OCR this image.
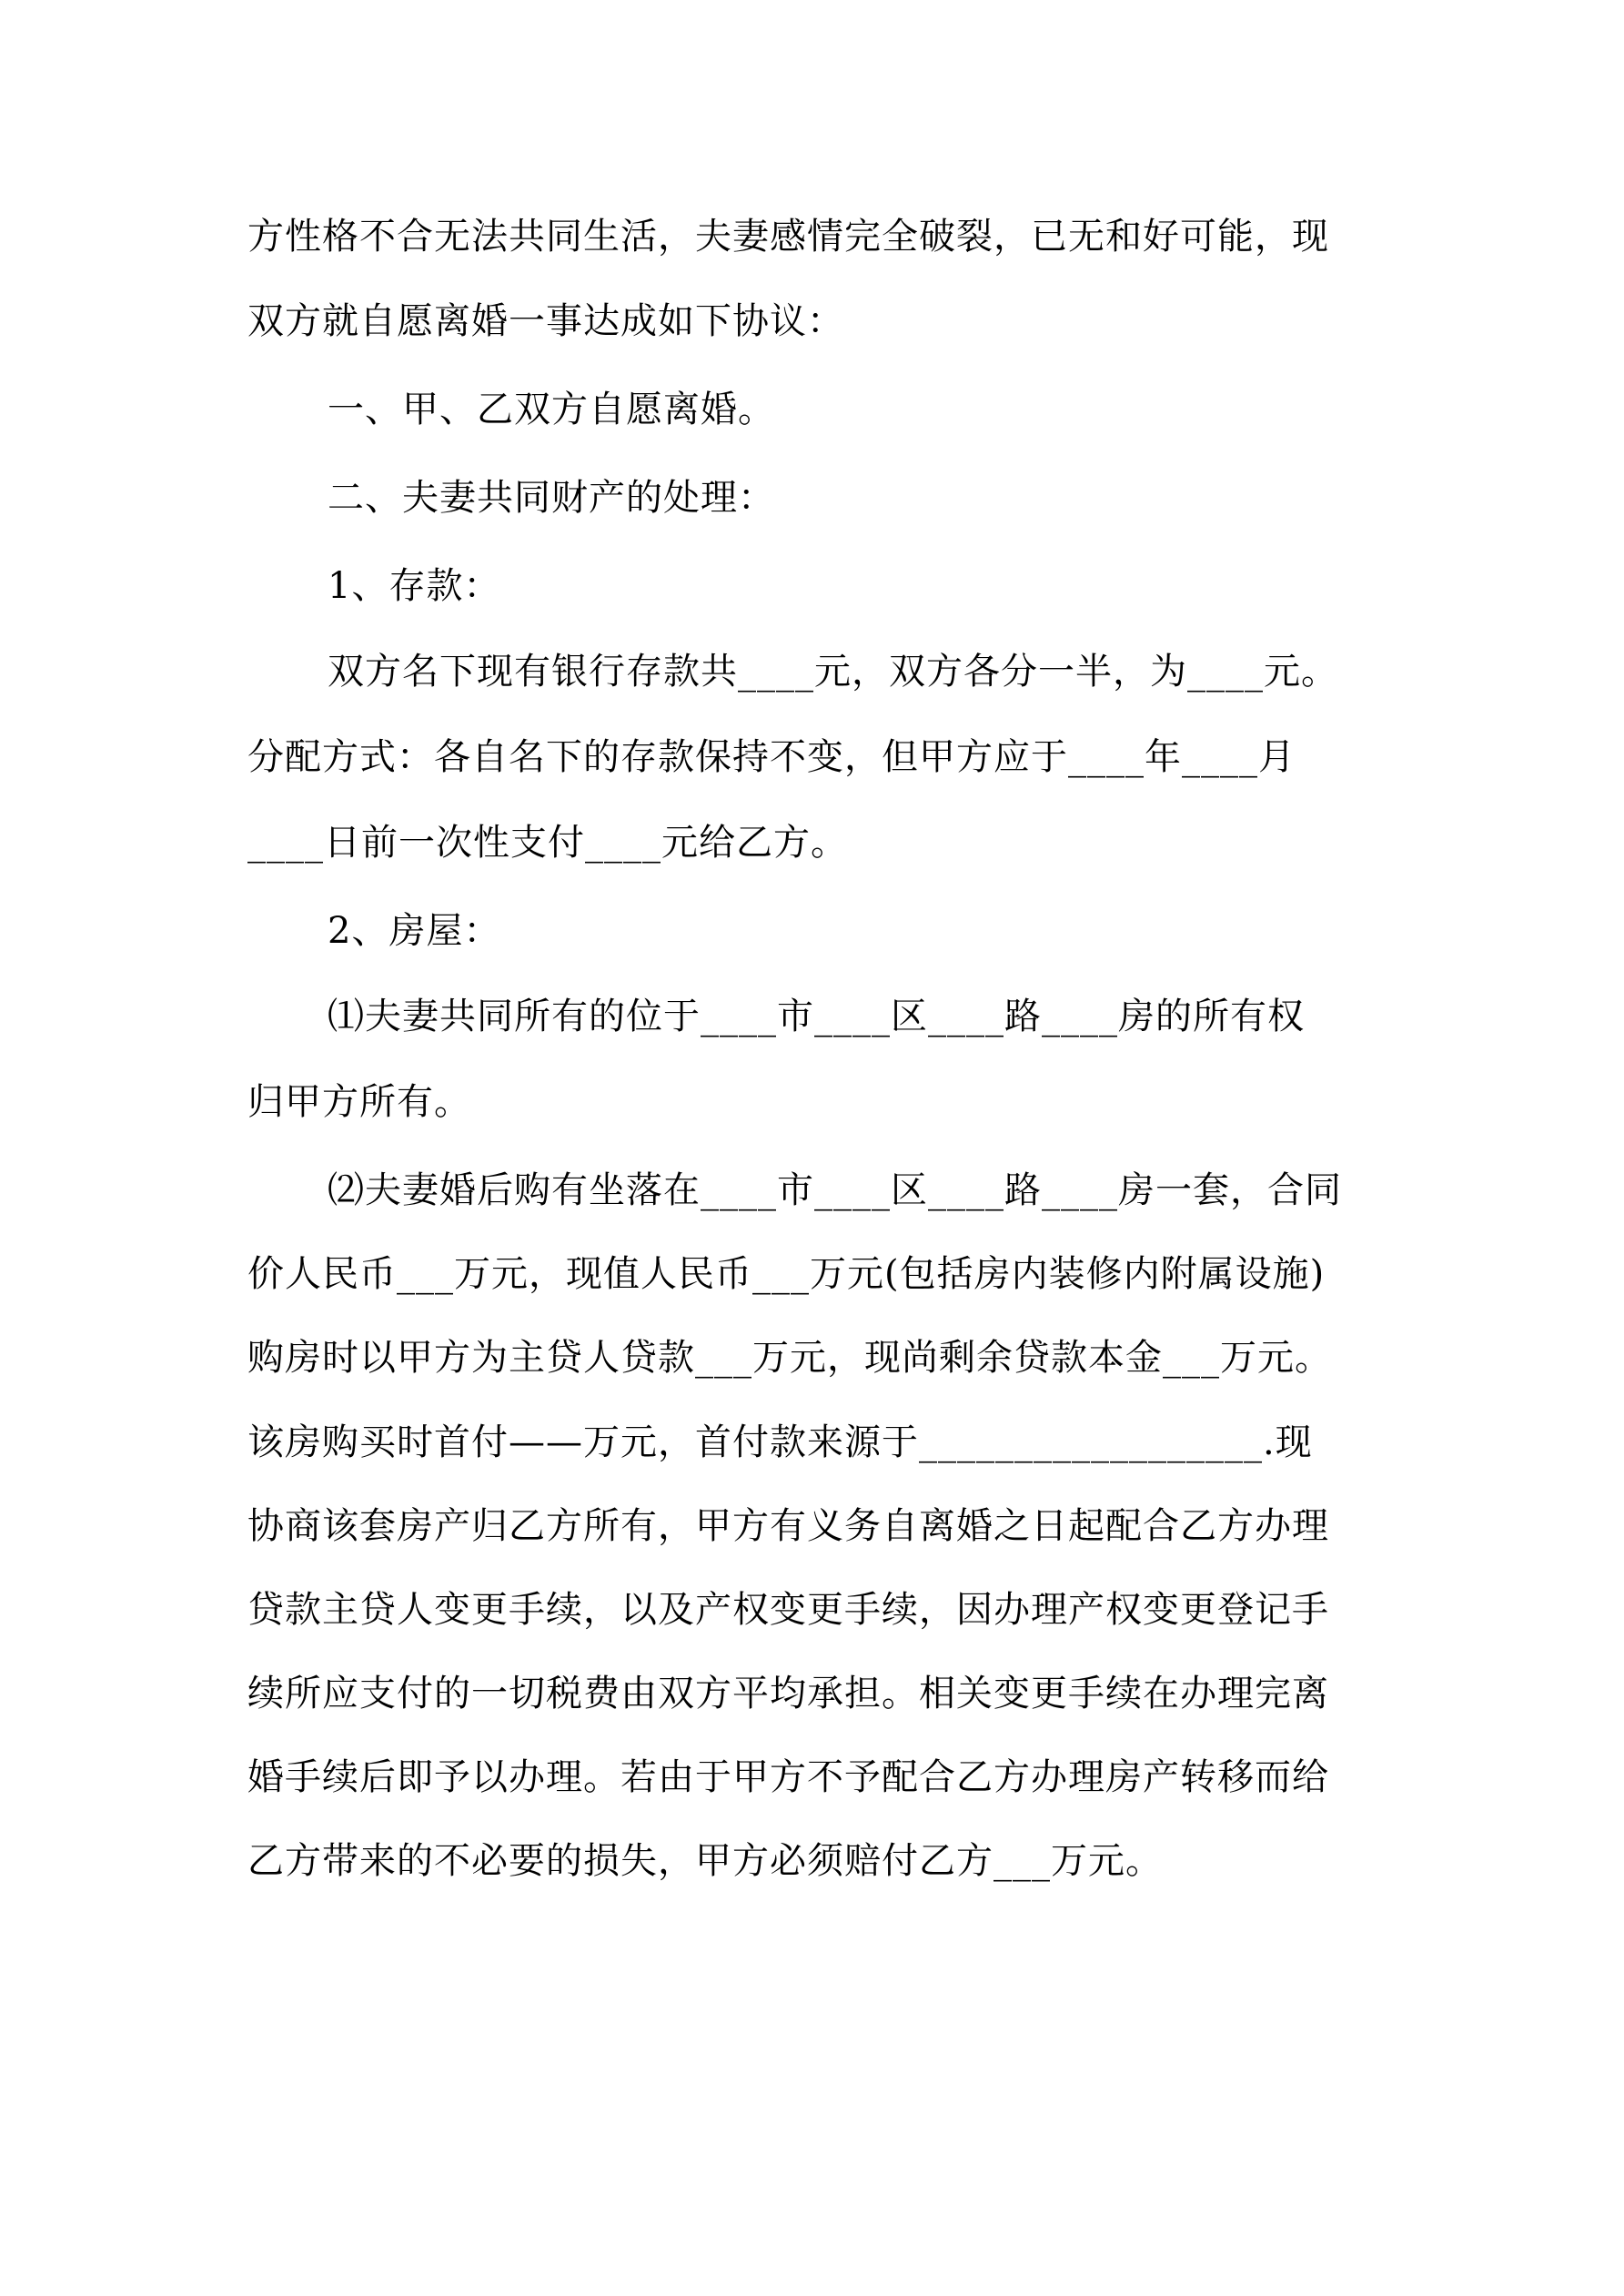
方性格不合无法共同生活，夫妻感情完全破裂，已无和好可能，现
双方就自愿离婚一事达成如下协议：
一、甲、乙双方自愿离婚。
二、夫妻共同财产的处理：
1、存款：
双方名下现有银行存款共____元，双方各分一半，为____元。
分配方式：各自名下的存款保持不变，但甲方应于____年____月
____日前一次性支付____元给乙方。
2、房屋：
⑴夫妻共同所有的位于____市____区____路____房的所有权
归甲方所有。
⑵夫妻婚后购有坐落在____市____区____路____房一套，合同
价人民币___万元，现值人民币___万元(包括房内装修内附属设施)
购房时以甲方为主贷人贷款___万元，现尚剩余贷款本金___万元。
该房购买时首付——万元，首付款来源于__________________.现
协商该套房产归乙方所有，甲方有义务自离婚之日起配合乙方办理
贷款主贷人变更手续，以及产权变更手续，因办理产权变更登记手
续所应支付的一切税费由双方平均承担。相关变更手续在办理完离
婚手续后即予以办理。若由于甲方不予配合乙方办理房产转移而给
乙方带来的不必要的损失，甲方必须赔付乙方___万元。
